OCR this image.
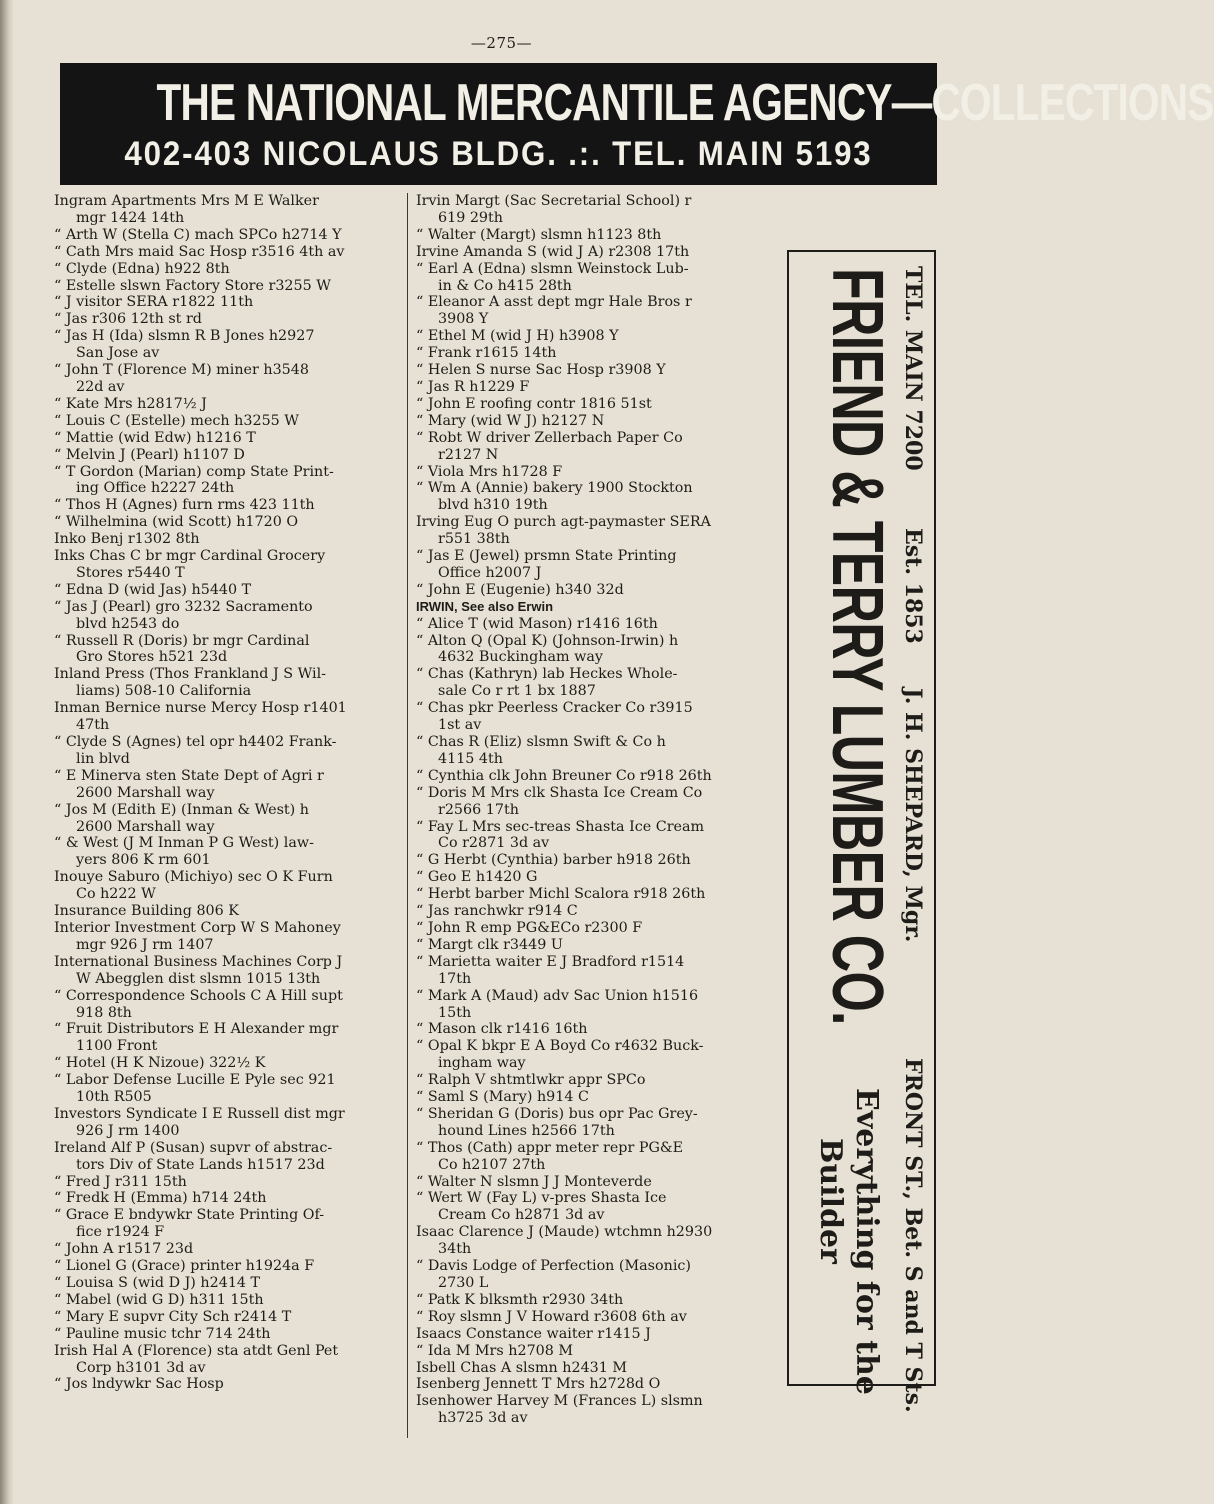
—275—
THE NATIONAL MERCANTILE AGENCY—COLLECTIONS
402-403 NICOLAUS BLDG. .:. TEL. MAIN 5193
Ingram Apartments Mrs M E Walker
mgr 1424 14th
“ Arth W (Stella C) mach SPCo h2714 Y
“ Cath Mrs maid Sac Hosp r3516 4th av
“ Clyde (Edna) h922 8th
“ Estelle slswn Factory Store r3255 W
“ J visitor SERA r1822 11th
“ Jas r306 12th st rd
“ Jas H (Ida) slsmn R B Jones h2927
San Jose av
“ John T (Florence M) miner h3548
22d av
“ Kate Mrs h2817½ J
“ Louis C (Estelle) mech h3255 W
“ Mattie (wid Edw) h1216 T
“ Melvin J (Pearl) h1107 D
“ T Gordon (Marian) comp State Print-
ing Office h2227 24th
“ Thos H (Agnes) furn rms 423 11th
“ Wilhelmina (wid Scott) h1720 O
Inko Benj r1302 8th
Inks Chas C br mgr Cardinal Grocery
Stores r5440 T
“ Edna D (wid Jas) h5440 T
“ Jas J (Pearl) gro 3232 Sacramento
blvd h2543 do
“ Russell R (Doris) br mgr Cardinal
Gro Stores h521 23d
Inland Press (Thos Frankland J S Wil-
liams) 508-10 California
Inman Bernice nurse Mercy Hosp r1401
47th
“ Clyde S (Agnes) tel opr h4402 Frank-
lin blvd
“ E Minerva sten State Dept of Agri r
2600 Marshall way
“ Jos M (Edith E) (Inman & West) h
2600 Marshall way
“ & West (J M Inman P G West) law-
yers 806 K rm 601
Inouye Saburo (Michiyo) sec O K Furn
Co h222 W
Insurance Building 806 K
Interior Investment Corp W S Mahoney
mgr 926 J rm 1407
International Business Machines Corp J
W Abegglen dist slsmn 1015 13th
“ Correspondence Schools C A Hill supt
918 8th
“ Fruit Distributors E H Alexander mgr
1100 Front
“ Hotel (H K Nizoue) 322½ K
“ Labor Defense Lucille E Pyle sec 921
10th R505
Investors Syndicate I E Russell dist mgr
926 J rm 1400
Ireland Alf P (Susan) supvr of abstrac-
tors Div of State Lands h1517 23d
“ Fred J r311 15th
“ Fredk H (Emma) h714 24th
“ Grace E bndywkr State Printing Of-
fice r1924 F
“ John A r1517 23d
“ Lionel G (Grace) printer h1924a F
“ Louisa S (wid D J) h2414 T
“ Mabel (wid G D) h311 15th
“ Mary E supvr City Sch r2414 T
“ Pauline music tchr 714 24th
Irish Hal A (Florence) sta atdt Genl Pet
Corp h3101 3d av
“ Jos lndywkr Sac Hosp
Irvin Margt (Sac Secretarial School) r
619 29th
“ Walter (Margt) slsmn h1123 8th
Irvine Amanda S (wid J A) r2308 17th
“ Earl A (Edna) slsmn Weinstock Lub-
in & Co h415 28th
“ Eleanor A asst dept mgr Hale Bros r
3908 Y
“ Ethel M (wid J H) h3908 Y
“ Frank r1615 14th
“ Helen S nurse Sac Hosp r3908 Y
“ Jas R h1229 F
“ John E roofing contr 1816 51st
“ Mary (wid W J) h2127 N
“ Robt W driver Zellerbach Paper Co
r2127 N
“ Viola Mrs h1728 F
“ Wm A (Annie) bakery 1900 Stockton
blvd h310 19th
Irving Eug O purch agt-paymaster SERA
r551 38th
“ Jas E (Jewel) prsmn State Printing
Office h2007 J
“ John E (Eugenie) h340 32d
IRWIN, See also Erwin
“ Alice T (wid Mason) r1416 16th
“ Alton Q (Opal K) (Johnson-Irwin) h
4632 Buckingham way
“ Chas (Kathryn) lab Heckes Whole-
sale Co r rt 1 bx 1887
“ Chas pkr Peerless Cracker Co r3915
1st av
“ Chas R (Eliz) slsmn Swift & Co h
4115 4th
“ Cynthia clk John Breuner Co r918 26th
“ Doris M Mrs clk Shasta Ice Cream Co
r2566 17th
“ Fay L Mrs sec-treas Shasta Ice Cream
Co r2871 3d av
“ G Herbt (Cynthia) barber h918 26th
“ Geo E h1420 G
“ Herbt barber Michl Scalora r918 26th
“ Jas ranchwkr r914 C
“ John R emp PG&ECo r2300 F
“ Margt clk r3449 U
“ Marietta waiter E J Bradford r1514
17th
“ Mark A (Maud) adv Sac Union h1516
15th
“ Mason clk r1416 16th
“ Opal K bkpr E A Boyd Co r4632 Buck-
ingham way
“ Ralph V shtmtlwkr appr SPCo
“ Saml S (Mary) h914 C
“ Sheridan G (Doris) bus opr Pac Grey-
hound Lines h2566 17th
“ Thos (Cath) appr meter repr PG&E
Co h2107 27th
“ Walter N slsmn J J Monteverde
“ Wert W (Fay L) v-pres Shasta Ice
Cream Co h2871 3d av
Isaac Clarence J (Maude) wtchmn h2930
34th
“ Davis Lodge of Perfection (Masonic)
2730 L
“ Patk K blksmth r2930 34th
“ Roy slsmn J V Howard r3608 6th av
Isaacs Constance waiter r1415 J
“ Ida M Mrs h2708 M
Isbell Chas A slsmn h2431 M
Isenberg Jennett T Mrs h2728d O
Isenhower Harvey M (Frances L) slsmn
h3725 3d av
TEL. MAIN 7200
Est. 1853
J. H. SHEPARD, Mgr.
FRONT ST., Bet. S and T Sts.
FRIEND & TERRY LUMBER CO.
Everything for the
Builder
